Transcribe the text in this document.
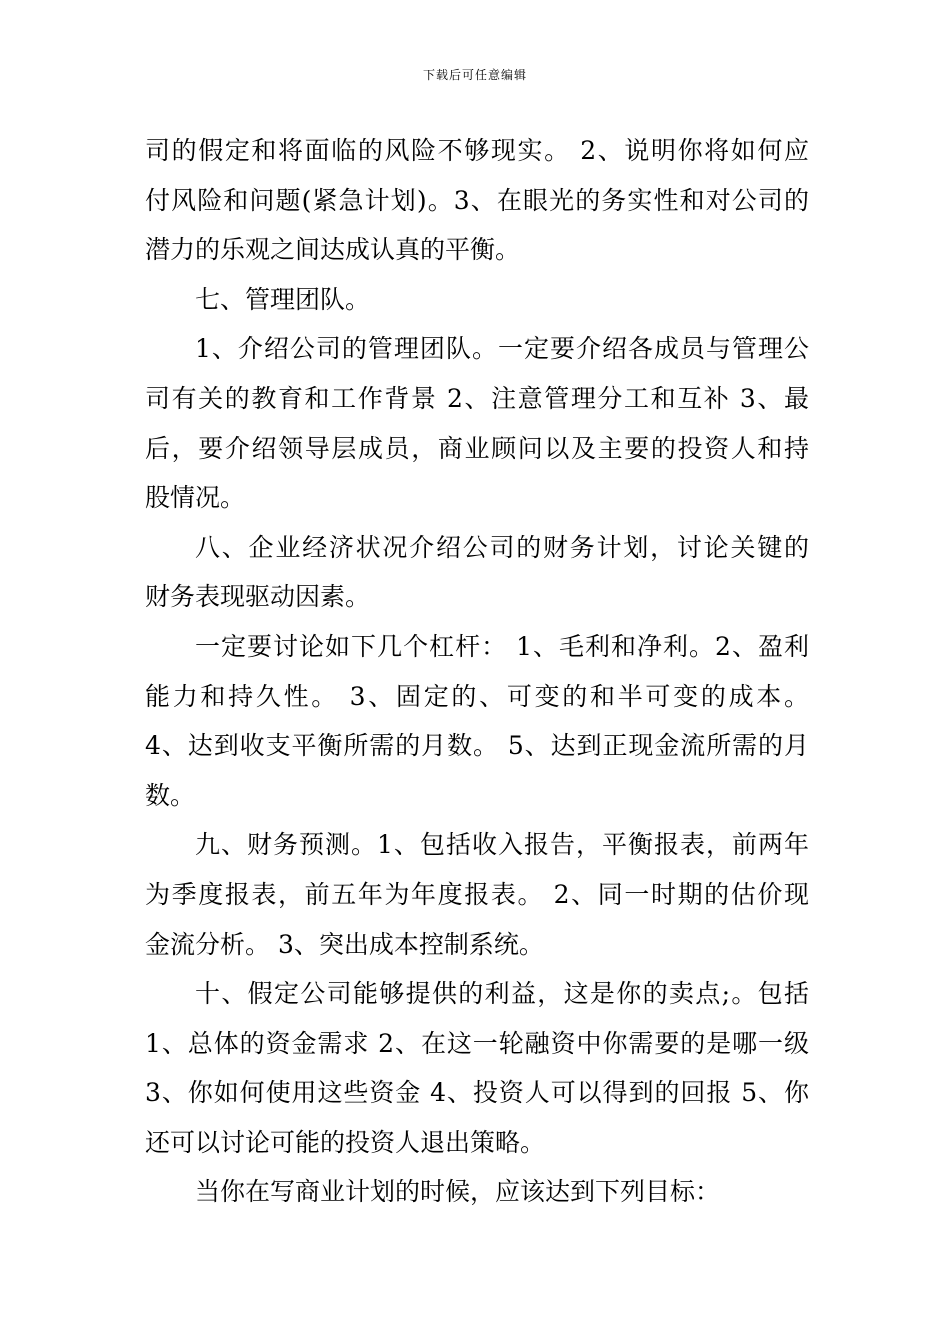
下载后可任意编辑
司的假定和将面临的风险不够现实。 2、说明你将如何应
付风险和问题(紧急计划)。3、在眼光的务实性和对公司的
潜力的乐观之间达成认真的平衡。
七、管理团队。
1、介绍公司的管理团队。一定要介绍各成员与管理公
司有关的教育和工作背景 2、注意管理分工和互补 3、最
后，要介绍领导层成员，商业顾问以及主要的投资人和持
股情况。
八、企业经济状况介绍公司的财务计划，讨论关键的
财务表现驱动因素。
一定要讨论如下几个杠杆： 1、毛利和净利。2、盈利
能力和持久性。 3、固定的、可变的和半可变的成本。
4、达到收支平衡所需的月数。 5、达到正现金流所需的月
数。
九、财务预测。1、包括收入报告，平衡报表，前两年
为季度报表，前五年为年度报表。 2、同一时期的估价现
金流分析。 3、突出成本控制系统。
十、假定公司能够提供的利益，这是你的卖点;。包括
1、总体的资金需求 2、在这一轮融资中你需要的是哪一级
3、你如何使用这些资金 4、投资人可以得到的回报 5、你
还可以讨论可能的投资人退出策略。
当你在写商业计划的时候，应该达到下列目标：
